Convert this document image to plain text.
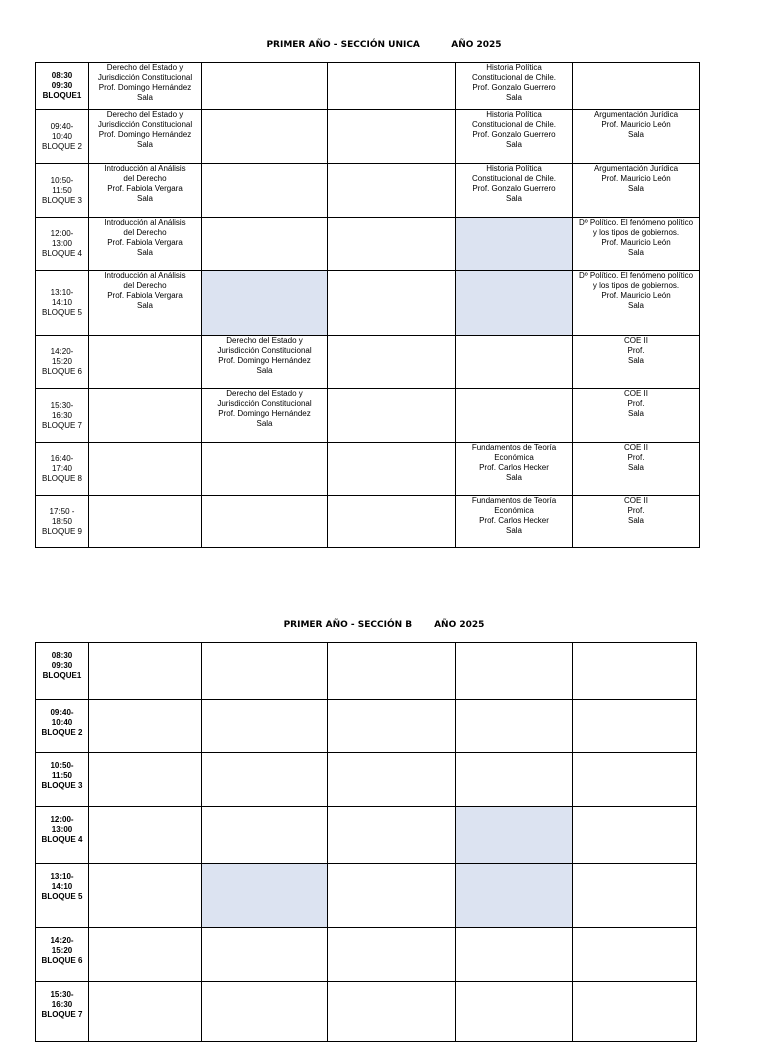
PRIMER AÑO - SECCIÓN UNICA          AÑO 2025
08:30
09:30
BLOQUE1	Derecho del Estado y
Jurisdicción Constitucional
Prof. Domingo Hernández
Sala			Historia Política
Constitucional de Chile.
Prof. Gonzalo Guerrero
Sala	

09:40-
10:40
BLOQUE 2	Derecho del Estado y
Jurisdicción Constitucional
Prof. Domingo Hernández
Sala			Historia Política
Constitucional de Chile.
Prof. Gonzalo Guerrero
Sala	Argumentación Jurídica
Prof. Mauricio León
Sala

10:50-
11:50
BLOQUE 3	Introducción al Análisis
del Derecho
Prof. Fabiola Vergara
Sala			Historia Política
Constitucional de Chile.
Prof. Gonzalo Guerrero
Sala	Argumentación Jurídica
Prof. Mauricio León
Sala

12:00-
13:00
BLOQUE 4	Introducción al Análisis
del Derecho
Prof. Fabiola Vergara
Sala				Dº Político. El fenómeno político
y los tipos de gobiernos.
Prof. Mauricio León
Sala

13:10-
14:10
BLOQUE 5	Introducción al Análisis
del Derecho
Prof. Fabiola Vergara
Sala				Dº Político. El fenómeno político
y los tipos de gobiernos.
Prof. Mauricio León
Sala

14:20-
15:20
BLOQUE 6		Derecho del Estado y
Jurisdicción Constitucional
Prof. Domingo Hernández
Sala			COE II
Prof.
Sala

15:30-
16:30
BLOQUE 7		Derecho del Estado y
Jurisdicción Constitucional
Prof. Domingo Hernández
Sala			COE II
Prof.
Sala

16:40-
17:40
BLOQUE 8				Fundamentos de Teoría
Económica
Prof. Carlos Hecker
Sala	COE II
Prof.
Sala

17:50 -
18:50
BLOQUE 9				Fundamentos de Teoría
Económica
Prof. Carlos Hecker
Sala	COE II
Prof.
Sala
PRIMER AÑO - SECCIÓN B       AÑO 2025
08:30
09:30
BLOQUE1					

09:40-
10:40
BLOQUE 2					

10:50-
11:50
BLOQUE 3					

12:00-
13:00
BLOQUE 4					

13:10-
14:10
BLOQUE 5					

14:20-
15:20
BLOQUE 6					

15:30-
16:30
BLOQUE 7					
